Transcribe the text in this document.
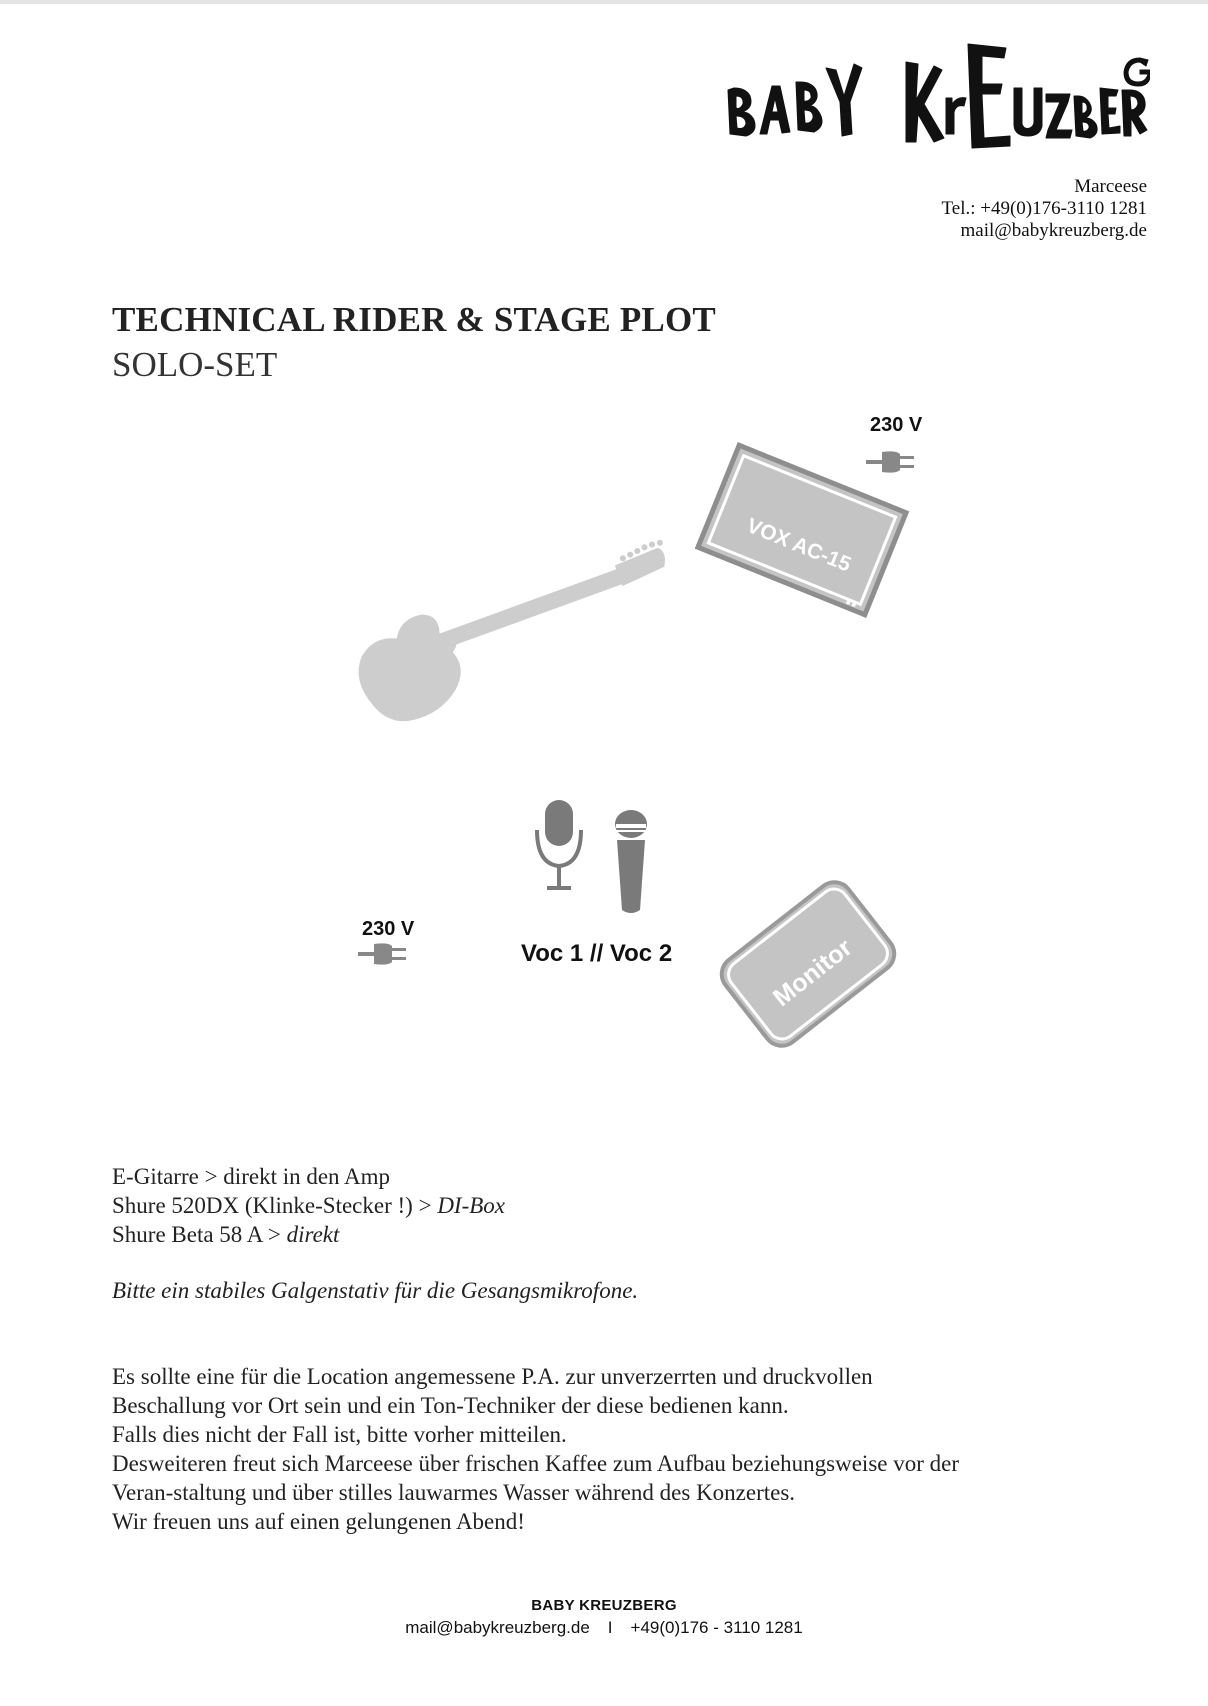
Marceese
Tel.: +49(0)176-3110 1281
mail@babykreuzberg.de
TECHNICAL RIDER & STAGE PLOT
SOLO-SET
230 V
230 V
VOX AC-15
Monitor
Voc 1 // Voc 2
E-Gitarre > direkt in den Amp
Shure 520DX (Klinke-Stecker !) > DI-Box
Shure Beta 58 A > direkt
Bitte ein stabiles Galgenstativ für die Gesangsmikrofone.
Es sollte eine für die Location angemessene P.A. zur unverzerrten und druckvollen
Beschallung vor Ort sein und ein Ton-Techniker der diese bedienen kann.
Falls dies nicht der Fall ist, bitte vorher mitteilen.
Desweiteren freut sich Marceese über frischen Kaffee zum Aufbau beziehungsweise vor der
Veran-staltung und über stilles lauwarmes Wasser während des Konzertes.
Wir freuen uns auf einen gelungenen Abend!
BABY KREUZBERG
mail@babykreuzberg.de I +49(0)176 - 3110 1281
